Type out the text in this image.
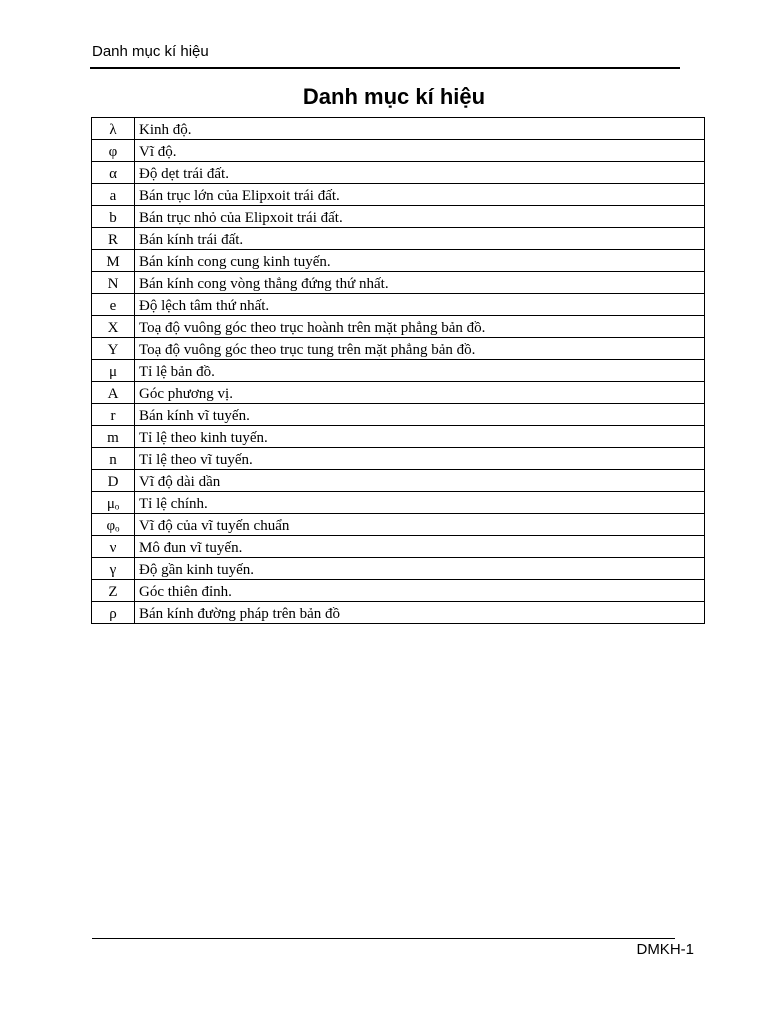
Danh mục kí hiệu
Danh mục kí hiệu
λ	Kinh độ.
φ	Vĩ độ.
α	Độ dẹt trái đất.
a	Bán trục lớn của Elipxoit trái đất.
b	Bán trục nhỏ của Elipxoit trái đất.
R	Bán kính trái đất.
M	Bán kính cong cung kinh tuyến.
N	Bán kính cong vòng thẳng đứng thứ nhất.
e	Độ lệch tâm thứ nhất.
X	Toạ độ vuông góc theo trục hoành trên mặt phẳng bản đồ.
Y	Toạ độ vuông góc theo trục tung trên mặt phẳng bản đồ.
μ	Tỉ lệ bản đồ.
A	Góc phương vị.
r	Bán kính vĩ tuyến.
m	Tỉ lệ theo kinh tuyến.
n	Tỉ lệ theo vĩ tuyến.
D	Vĩ độ dài dần
μₒ	Tỉ lệ chính.
φₒ	Vĩ độ của vĩ tuyến chuẩn
ν	Mô đun vĩ tuyến.
γ	Độ gần kinh tuyến.
Z	Góc thiên đỉnh.
ρ	Bán kính đường pháp trên bản đồ
DMKH-1
